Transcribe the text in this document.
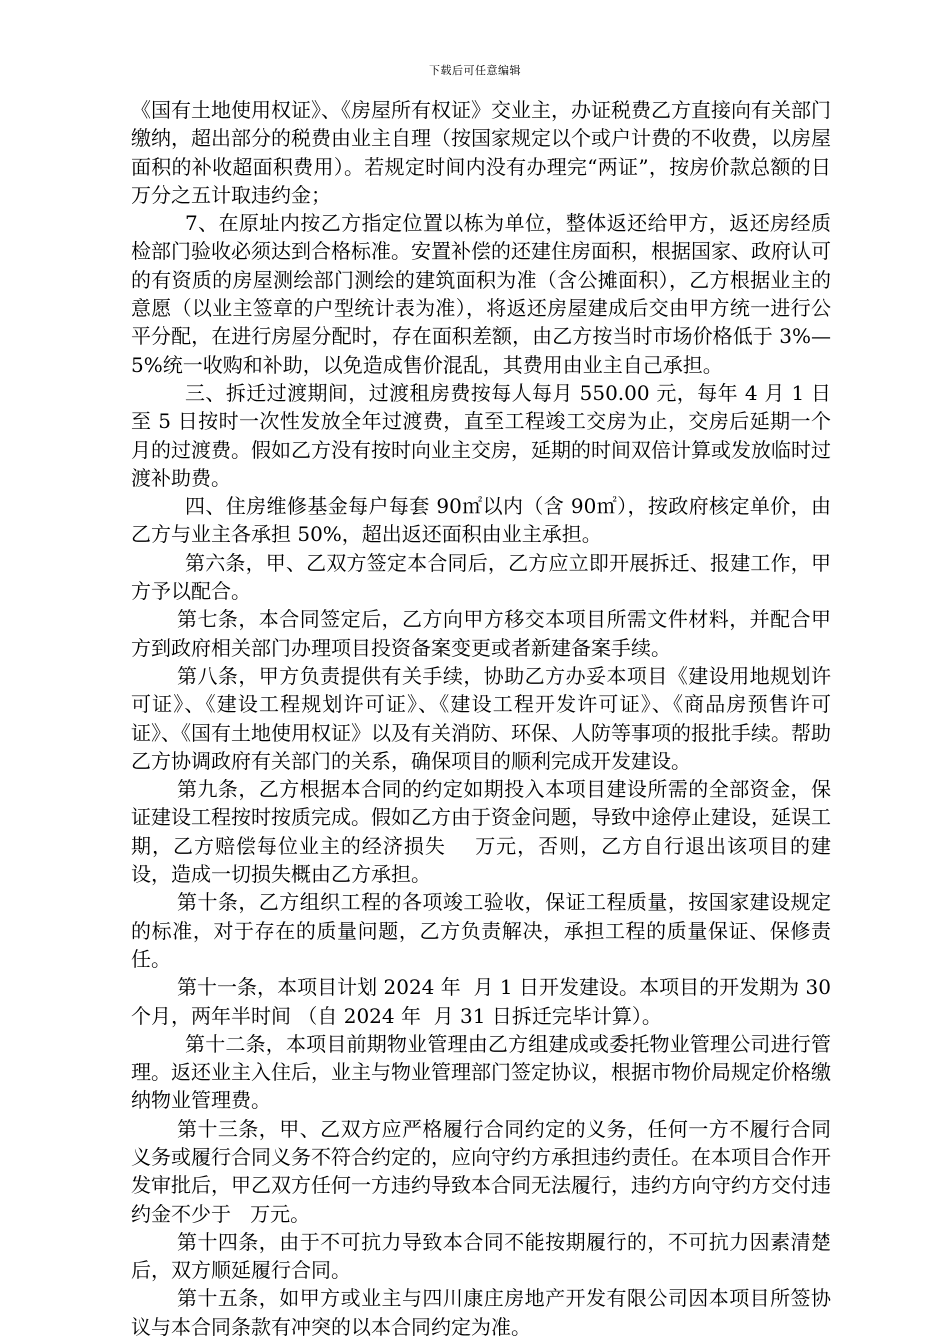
下载后可任意编辑

《国有土地使用权证》、《房屋所有权证》交业主，办证税费乙方直接向有关部门缴纳，超出部分的税费由业主自理（按国家规定以个或户计费的不收费，以房屋面积的补收超面积费用）。若规定时间内没有办理完“两证”，按房价款总额的日万分之五计取违约金；

7、在原址内按乙方指定位置以栋为单位，整体返还给甲方，返还房经质检部门验收必须达到合格标准。安置补偿的还建住房面积，根据国家、政府认可的有资质的房屋测绘部门测绘的建筑面积为准（含公摊面积），乙方根据业主的意愿（以业主签章的户型统计表为准），将返还房屋建成后交由甲方统一进行公平分配，在进行房屋分配时，存在面积差额，由乙方按当时市场价格低于 3%—5%统一收购和补助，以免造成售价混乱，其费用由业主自己承担。

三、拆迁过渡期间，过渡租房费按每人每月 550.00 元，每年 4 月 1 日至 5 日按时一次性发放全年过渡费，直至工程竣工交房为止，交房后延期一个月的过渡费。假如乙方没有按时向业主交房，延期的时间双倍计算或发放临时过渡补助费。

四、住房维修基金每户每套 90㎡以内（含 90㎡），按政府核定单价，由乙方与业主各承担 50%，超出返还面积由业主承担。

第六条，甲、乙双方签定本合同后，乙方应立即开展拆迁、报建工作，甲方予以配合。

第七条，本合同签定后，乙方向甲方移交本项目所需文件材料，并配合甲方到政府相关部门办理项目投资备案变更或者新建备案手续。

第八条，甲方负责提供有关手续，协助乙方办妥本项目《建设用地规划许可证》、《建设工程规划许可证》、《建设工程开发许可证》、《商品房预售许可证》、《国有土地使用权证》以及有关消防、环保、人防等事项的报批手续。帮助乙方协调政府有关部门的关系，确保项目的顺利完成开发建设。

第九条，乙方根据本合同的约定如期投入本项目建设所需的全部资金，保证建设工程按时按质完成。假如乙方由于资金问题，导致中途停止建设，延误工期，乙方赔偿每位业主的经济损失    万元，否则，乙方自行退出该项目的建设，造成一切损失概由乙方承担。

第十条，乙方组织工程的各项竣工验收，保证工程质量，按国家建设规定的标准，对于存在的质量问题，乙方负责解决，承担工程的质量保证、保修责任。

第十一条，本项目计划 2024 年  月 1 日开发建设。本项目的开发期为 30 个月，两年半时间 （自 2024 年  月 31 日拆迁完毕计算）。

第十二条，本项目前期物业管理由乙方组建成或委托物业管理公司进行管理。返还业主入住后，业主与物业管理部门签定协议，根据市物价局规定价格缴纳物业管理费。

第十三条，甲、乙双方应严格履行合同约定的义务，任何一方不履行合同义务或履行合同义务不符合约定的，应向守约方承担违约责任。在本项目合作开发审批后，甲乙双方任何一方违约导致本合同无法履行，违约方向守约方交付违约金不少于   万元。

第十四条，由于不可抗力导致本合同不能按期履行的，不可抗力因素清楚后，双方顺延履行合同。

第十五条，如甲方或业主与四川康庄房地产开发有限公司因本项目所签协议与本合同条款有冲突的以本合同约定为准。
